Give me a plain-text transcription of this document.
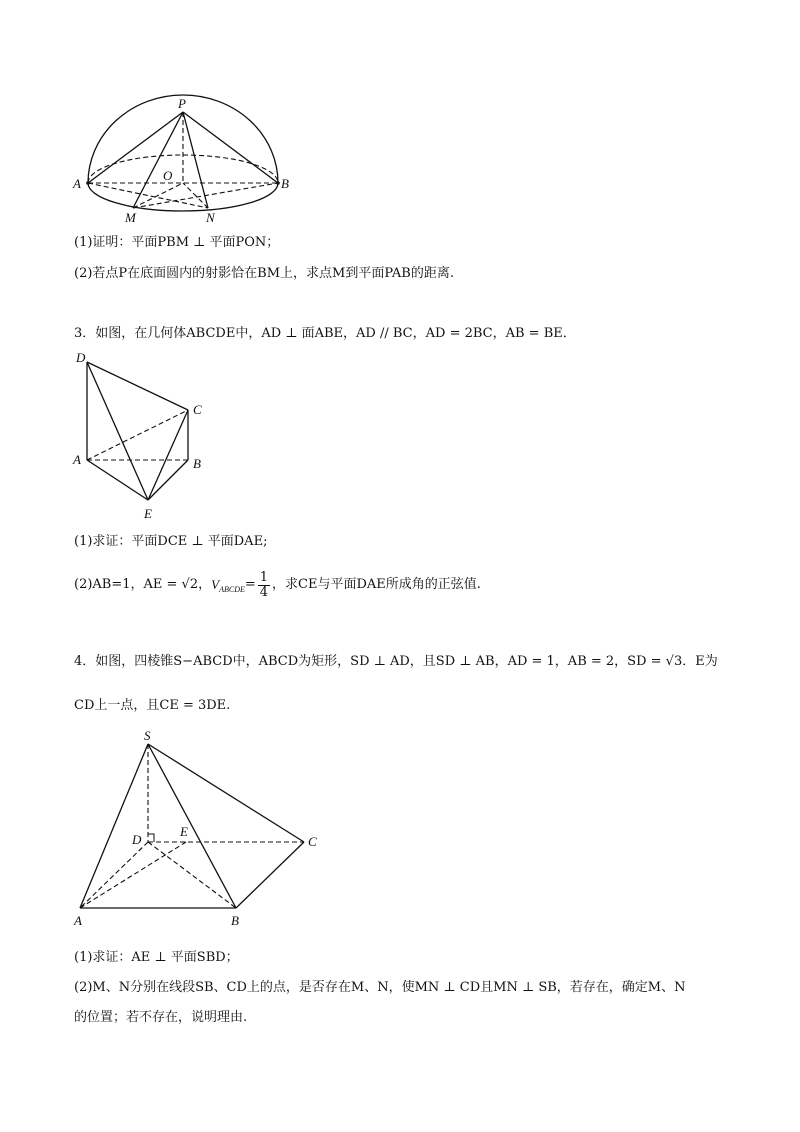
P
O
A	B
M	N
(1)证明：平面PBM ⊥ 平面PON；
(2)若点P在底面圆内的射影恰在BM上，求点M到平面PAB的距离.
3．如图，在几何体ABCDE中，AD ⊥ 面ABE，AD // BC，AD = 2BC，AB = BE．
D
C
A	B
E
(1)求证：平面DCE ⊥ 平面DAE;
(2)AB=1，AE = √2， V ABCDE = $\frac{1}{4}$ ，求CE与平面DAE所成角的正弦值.
4．如图，四棱锥S−ABCD中，ABCD为矩形，SD ⊥ AD，且SD ⊥ AB，AD = 1，AB = 2，SD = √3．E为
CD上一点，且CE = 3DE.
S
D
E
C
A	B
(1)求证：AE ⊥ 平面SBD；
(2)M、N分别在线段SB、CD上的点，是否存在M、N，使MN ⊥ CD且MN ⊥ SB，若存在，确定M、N
的位置；若不存在，说明理由.
